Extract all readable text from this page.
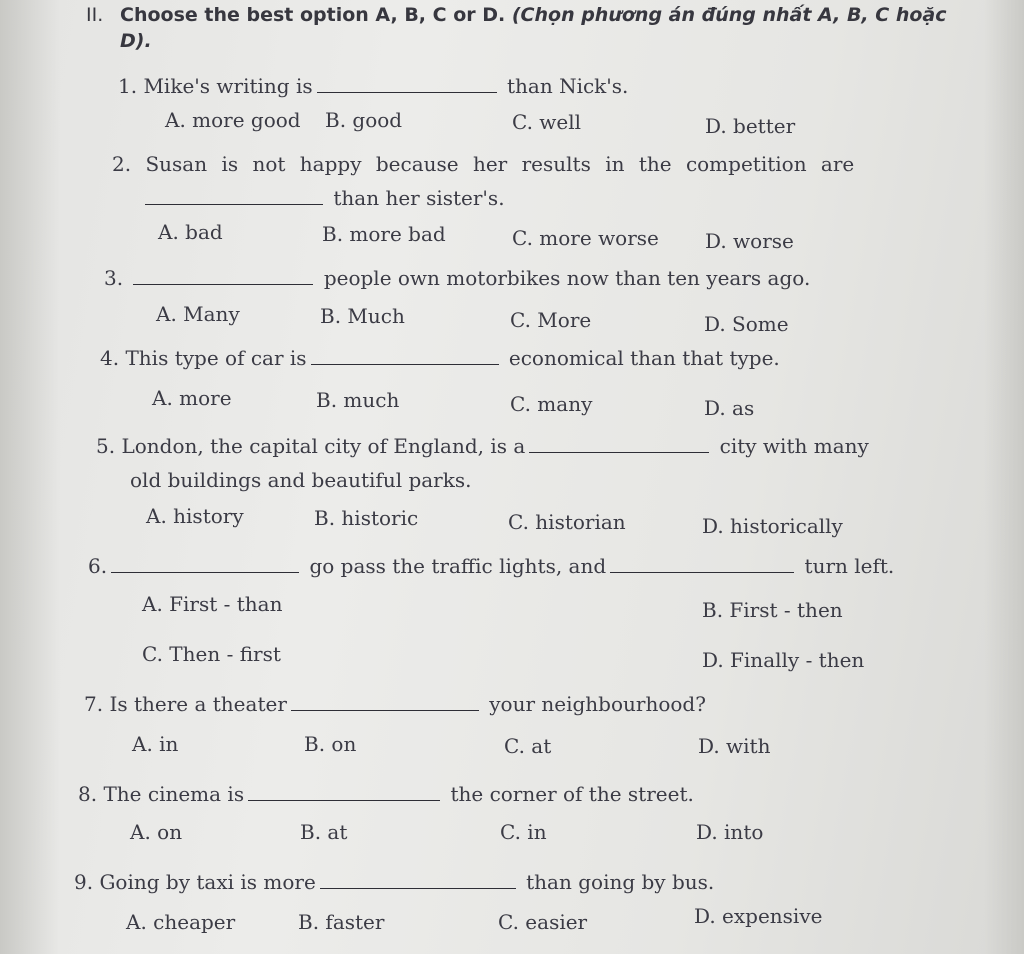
II. Choose the best option A, B, C or D. (Chọn phương án đúng nhất A, B, C hoặc D).
1. Mike's writing is	than Nick's.
A. more good B. good	C. well	D. better
2. Susan is not happy because her results in the competition are
than her sister's.
A. bad	B. more bad	C. more worse D. worse
3.	people own motorbikes now than ten years ago.
A. Many	B. Much	C. More	D. Some
4. This type of car is	economical than that type.
A. more	B. much	C. many	D. as
5. London, the capital city of England, is a	city with many
old buildings and beautiful parks.
A. history	B. historic	C. historian	D. historically
6.	go pass the traffic lights, and	turn left.
A. First - than	B. First - then
C. Then - first	D. Finally - then
7. Is there a theater	your neighbourhood?
A. in	B. on	C. at	D. with
8. The cinema is	the corner of the street.
A. on	B. at	C. in	D. into
9. Going by taxi is more	than going by bus.
A. cheaper	B. faster	C. easier	D. expensive
